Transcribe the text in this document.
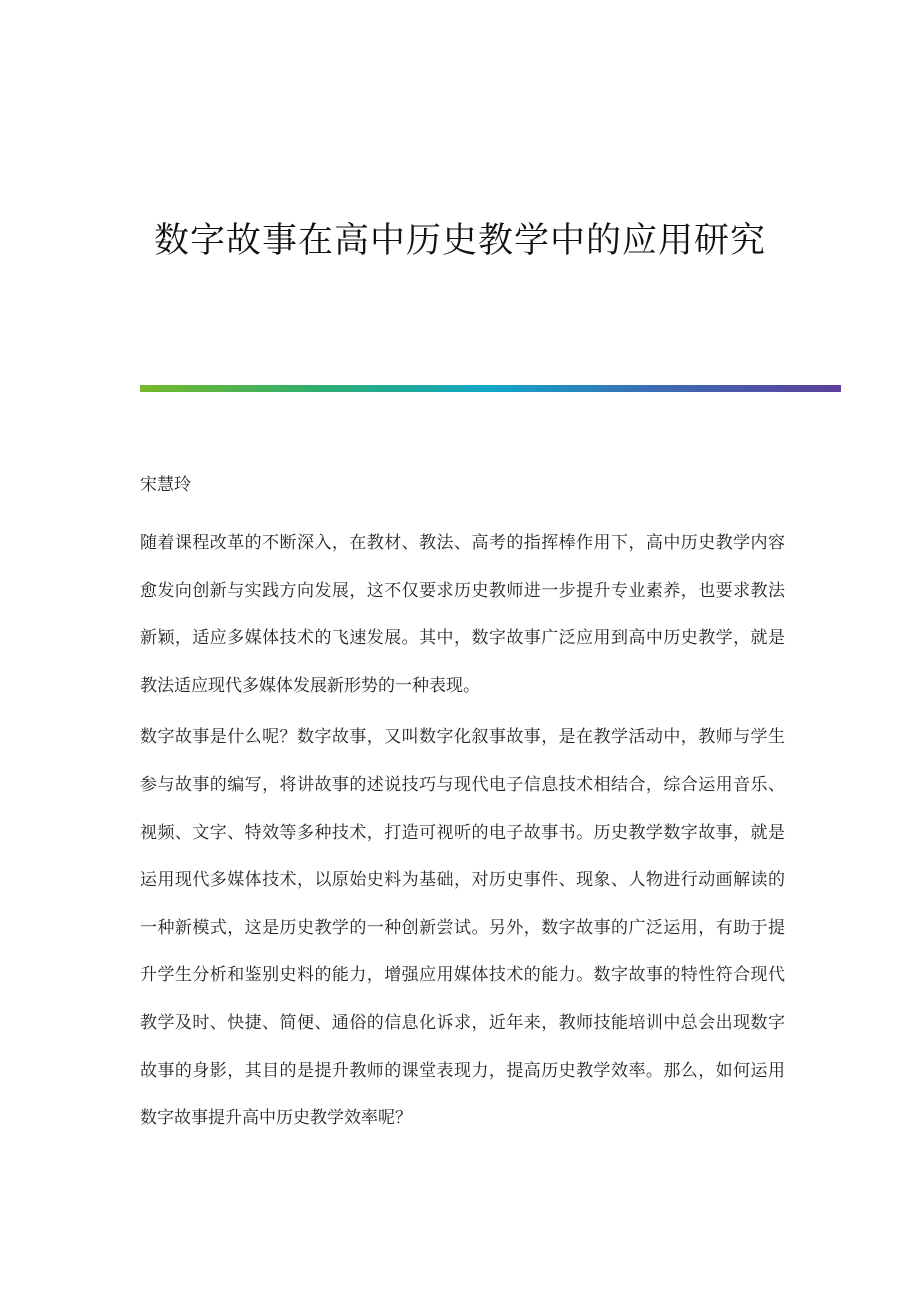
数字故事在高中历史教学中的应用研究

宋慧玲

随着课程改革的不断深入，在教材、教法、高考的指挥棒作用下，高中历史教学内容愈发向创新与实践方向发展，这不仅要求历史教师进一步提升专业素养，也要求教法新颖，适应多媒体技术的飞速发展。其中，数字故事广泛应用到高中历史教学，就是教法适应现代多媒体发展新形势的一种表现。

数字故事是什么呢？数字故事，又叫数字化叙事故事，是在教学活动中，教师与学生参与故事的编写，将讲故事的述说技巧与现代电子信息技术相结合，综合运用音乐、视频、文字、特效等多种技术，打造可视听的电子故事书。历史教学数字故事，就是运用现代多媒体技术，以原始史料为基础，对历史事件、现象、人物进行动画解读的一种新模式，这是历史教学的一种创新尝试。另外，数字故事的广泛运用，有助于提升学生分析和鉴别史料的能力，增强应用媒体技术的能力。数字故事的特性符合现代教学及时、快捷、简便、通俗的信息化诉求，近年来，教师技能培训中总会出现数字故事的身影，其目的是提升教师的课堂表现力，提高历史教学效率。那么，如何运用数字故事提升高中历史教学效率呢？
